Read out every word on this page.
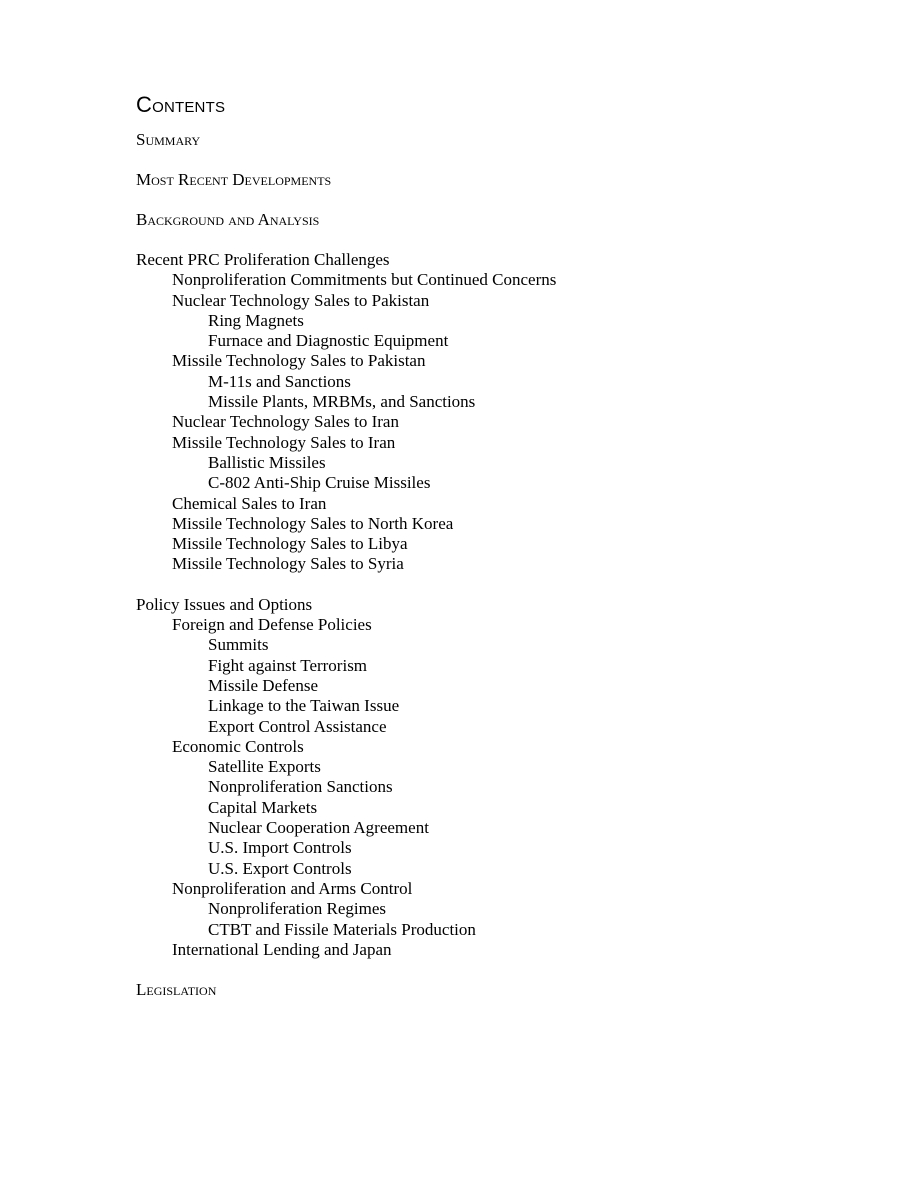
Contents
Summary
Most Recent Developments
Background and Analysis
Recent PRC Proliferation Challenges
Nonproliferation Commitments but Continued Concerns
Nuclear Technology Sales to Pakistan
Ring Magnets
Furnace and Diagnostic Equipment
Missile Technology Sales to Pakistan
M-11s and Sanctions
Missile Plants, MRBMs, and Sanctions
Nuclear Technology Sales to Iran
Missile Technology Sales to Iran
Ballistic Missiles
C-802 Anti-Ship Cruise Missiles
Chemical Sales to Iran
Missile Technology Sales to North Korea
Missile Technology Sales to Libya
Missile Technology Sales to Syria
Policy Issues and Options
Foreign and Defense Policies
Summits
Fight against Terrorism
Missile Defense
Linkage to the Taiwan Issue
Export Control Assistance
Economic Controls
Satellite Exports
Nonproliferation Sanctions
Capital Markets
Nuclear Cooperation Agreement
U.S. Import Controls
U.S. Export Controls
Nonproliferation and Arms Control
Nonproliferation Regimes
CTBT and Fissile Materials Production
International Lending and Japan
Legislation
